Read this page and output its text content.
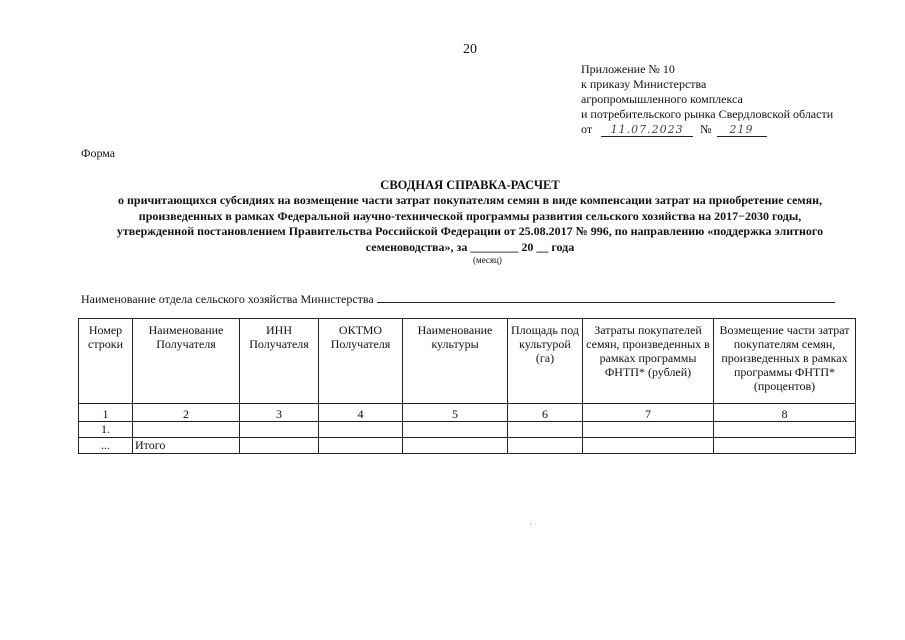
20
Приложение № 10
к приказу Министерства
агропромышленного комплекса
и потребительского рынка Свердловской области
от 11.07.2023 № 219
Форма
СВОДНАЯ СПРАВКА-РАСЧЕТ
о причитающихся субсидиях на возмещение части затрат покупателям семян в виде компенсации затрат на приобретение семян,
произведенных в рамках Федеральной научно-технической программы развития сельского хозяйства на 2017−2030 годы,
утвержденной постановлением Правительства Российской Федерации от 25.08.2017 № 996, по направлению «поддержка элитного
семеноводства», за ________ 20 __ года
(месяц)
Наименование отдела сельского хозяйства Министерства
Номер строки	Наименование Получателя	ИНН Получателя	ОКТМО Получателя	Наименование культуры	Площадь под культурой (га)	Затраты покупателей семян, произведенных в рамках программы ФНТП* (рублей)	Возмещение части затрат покупателям семян, произведенных в рамках программы ФНТП* (процентов)
1	2	3	4	5	6	7	8
1.							
...	Итого						
